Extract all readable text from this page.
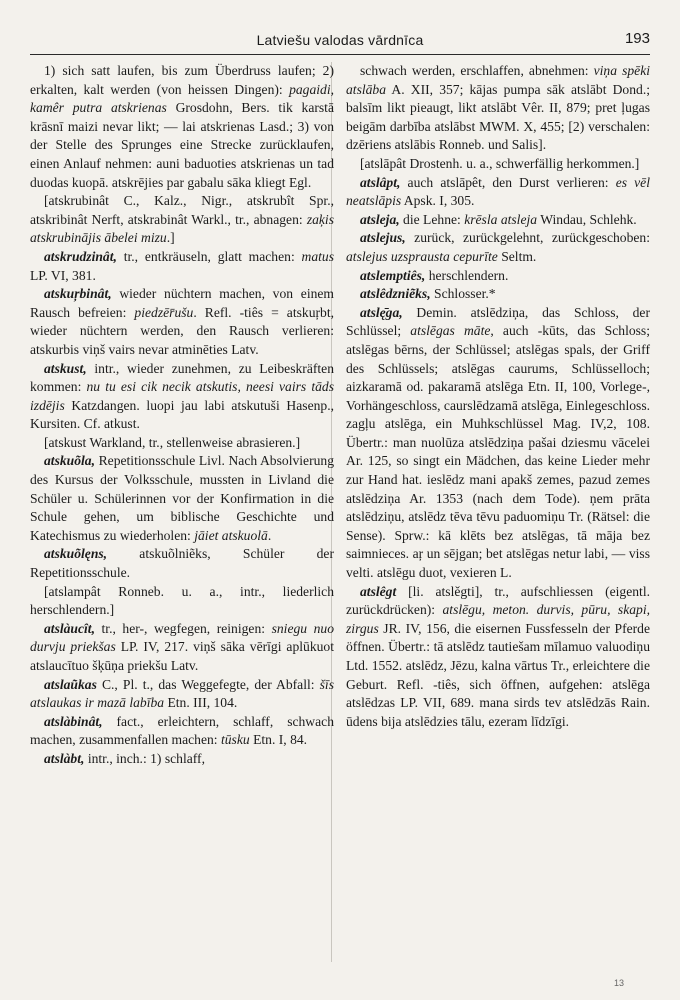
Latviešu valodas vārdnīca	193

1) sich satt laufen, bis zum Überdruss laufen; 2) erkalten, kalt werden (von heissen Dingen): pagaidi, kamêr putra atskrienas Grosdohn, Bers. tik karstā krāsnī maizi nevar likt; — lai atskrienas Lasd.; 3) von der Stelle des Sprunges eine Strecke zurücklaufen, einen Anlauf nehmen: auni baduoties atskrienas un tad duodas kuopā. atskrējies par gabalu sāka kliegt Egl.

[atskrubinât C., Kalz., Nigr., atskrubît Spr., atskribinât Nerft, atskrabinât Warkl., tr., abnagen: zaķis atskrubinājis ābelei mizu.]

atskrudzinât, tr., entkräuseln, glatt machen: matus LP. VI, 381.

atskuŗbinât, wieder nüchtern machen, von einem Rausch befreien: piedzēr̄ušu. Refl. -tiês = atskuŗbt, wieder nüchtern werden, den Rausch verlieren: atskurbis viņš vairs nevar atminēties Latv.

atskust, intr., wieder zunehmen, zu Leibeskräften kommen: nu tu esi cik necik atskutis, neesi vairs tāds izdējis Katzdangen. luopi jau labi atskutuši Hasenp., Kursiten. Cf. atkust.

[atskust Warkland, tr., stellenweise abrasieren.]

atskuõla, Repetitionsschule Livl. Nach Absolvierung des Kursus der Volksschule, mussten in Livland die Schüler u. Schülerinnen vor der Konfirmation in die Schule gehen, um biblische Geschichte und Katechismus zu wiederholen: jāiet atskuolā.

atskuõlęns, atskuõlniẽks, Schüler der Repetitionsschule.

[atslampât Ronneb. u. a., intr., liederlich herschlendern.]

atslàucît, tr., her-, wegfegen, reinigen: sniegu nuo durvju priekšas LP. IV, 217. viņš sāka vērīgi aplūkuot atslaucītuo šķūņa priekšu Latv.

atslaũkas C., Pl. t., das Weggefegte, der Abfall: šīs atslaukas ir mazā labība Etn. III, 104.

atslàbinât, fact., erleichtern, schlaff, schwach machen, zusammenfallen machen: tūsku Etn. I, 84.

atslàbt, intr., inch.: 1) schlaff,

schwach werden, erschlaffen, abnehmen: viņa spēki atslāba A. XII, 357; kājas pumpa sāk atslābt Dond.; balsīm likt pieaugt, likt atslābt Vêr. II, 879; pret ļugas beigām darbība atslābst MWM. X, 455; [2) verschalen: dzēriens atslābis Ronneb. und Salis].

[atslāpât Drostenh. u. a., schwerfällig herkommen.]

atslâpt, auch atslāpêt, den Durst verlieren: es vēl neatslāpis Apsk. I, 305.

atsleja, die Lehne: krēsla atsleja Windau, Schlehk.

atslejus, zurück, zurückgelehnt, zurückgeschoben: atslejus uzsprausta cepurīte Seltm.

atslemptiês, herschlendern.

atslêdzniẽks, Schlosser.*

atslę̄ga, Demin. atslēdziņa, das Schloss, der Schlüssel; atslēgas māte, auch -kūts, das Schloss; atslēgas bērns, der Schlüssel; atslēgas spals, der Griff des Schlüssels; atslēgas caurums, Schlüsselloch; aizkaramā od. pakaramā atslēga Etn. II, 100, Vorlege-, Vorhängeschloss, caurslēdzamā atslēga, Einlegeschloss. zagļu atslēga, ein Muhkschlüssel Mag. IV,2, 108. Übertr.: man nuolūza atslēdziņa pašai dziesmu vācelei Ar. 125, so singt ein Mädchen, das keine Lieder mehr zur Hand hat. ieslēdz mani apakš zemes, pazud zemes atslēdziņa Ar. 1353 (nach dem Tode). ņem prāta atslēdziņu, atslēdz tēva tēvu paduomiņu Tr. (Rätsel: die Sense). Sprw.: kā klēts bez atslēgas, tā māja bez saimnieces. aŗ un sējgan; bet atslēgas netur labi, — viss velti. atslēgu duot, vexieren L.

atslêgt [li. atslěgti], tr., aufschliessen (eigentl. zurückdrücken): atslēgu, meton. durvis, pūru, skapi, zirgus JR. IV, 156, die eisernen Fussfesseln der Pferde öffnen. Übertr.: tā atslēdz tautiešam mīlamuo valuodiņu Ltd. 1552. atslēdz, Jēzu, kalna vārtus Tr., erleichtere die Geburt. Refl. -tiês, sich öffnen, aufgehen: atslēga atslēdzas LP. VII, 689. mana sirds tev atslēdzās Rain. ūdens bija atslēdzies tālu, ezeram līdzīgi.

13
